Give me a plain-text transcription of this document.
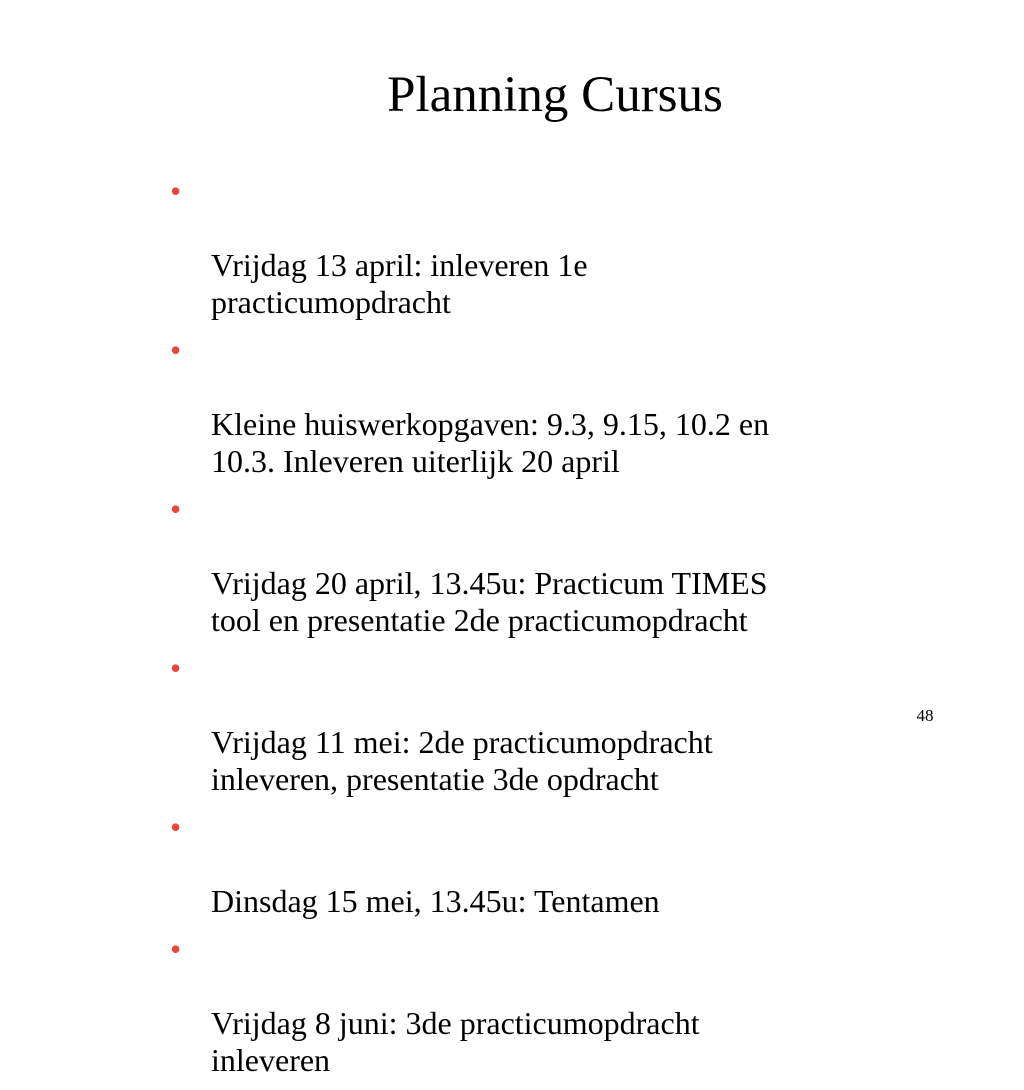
Planning Cursus

•

Vrijdag 13 april: inleveren 1e
practicumopdracht

•

Kleine huiswerkopgaven: 9.3, 9.15, 10.2 en
10.3. Inleveren uiterlijk 20 april

•

Vrijdag 20 april, 13.45u: Practicum TIMES
tool en presentatie 2de practicumopdracht

•

Vrijdag 11 mei: 2de practicumopdracht
inleveren, presentatie 3de opdracht

•

Dinsdag 15 mei, 13.45u: Tentamen

•

Vrijdag 8 juni: 3de practicumopdracht
inleveren

48
